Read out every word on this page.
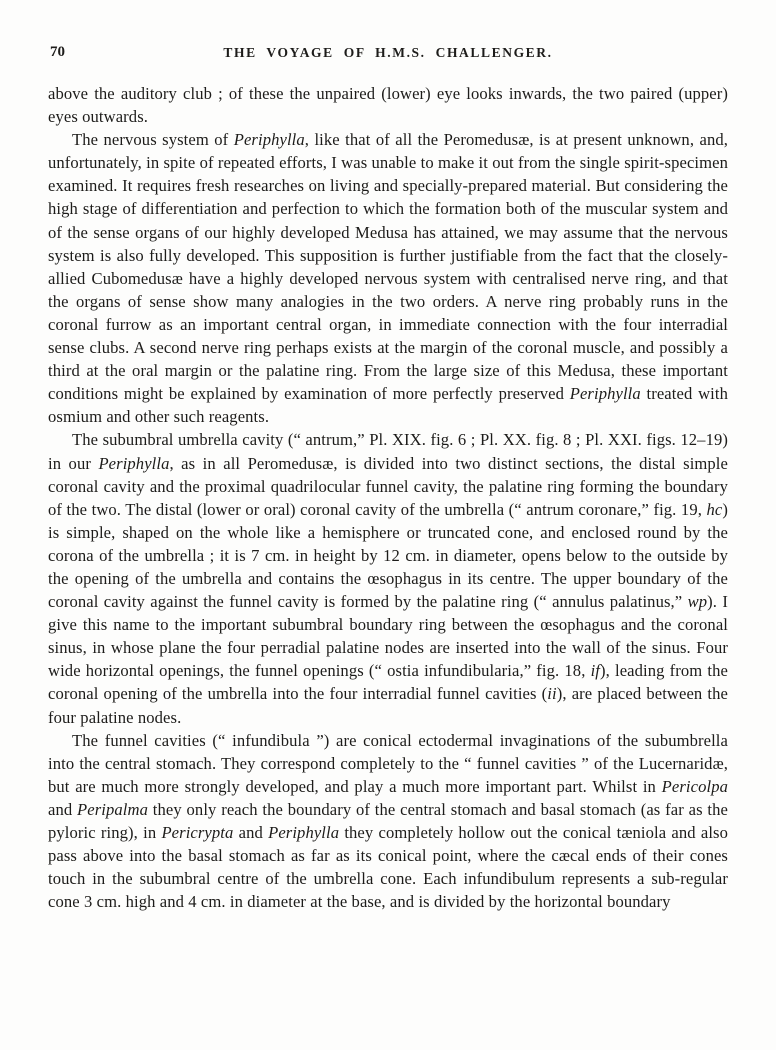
70	THE VOYAGE OF H.M.S. CHALLENGER.

above the auditory club ; of these the unpaired (lower) eye looks inwards, the two paired (upper) eyes outwards.

The nervous system of Periphylla, like that of all the Peromedusæ, is at present unknown, and, unfortunately, in spite of repeated efforts, I was unable to make it out from the single spirit-specimen examined. It requires fresh researches on living and specially-prepared material. But considering the high stage of differentiation and perfection to which the formation both of the muscular system and of the sense organs of our highly developed Medusa has attained, we may assume that the nervous system is also fully developed. This supposition is further justifiable from the fact that the closely-allied Cubomedusæ have a highly developed nervous system with centralised nerve ring, and that the organs of sense show many analogies in the two orders. A nerve ring probably runs in the coronal furrow as an important central organ, in immediate connection with the four interradial sense clubs. A second nerve ring perhaps exists at the margin of the coronal muscle, and possibly a third at the oral margin or the palatine ring. From the large size of this Medusa, these important conditions might be explained by examination of more perfectly preserved Periphylla treated with osmium and other such reagents.

The subumbral umbrella cavity (“ antrum,” Pl. XIX. fig. 6 ; Pl. XX. fig. 8 ; Pl. XXI. figs. 12–19) in our Periphylla, as in all Peromedusæ, is divided into two distinct sections, the distal simple coronal cavity and the proximal quadrilocular funnel cavity, the palatine ring forming the boundary of the two. The distal (lower or oral) coronal cavity of the umbrella (“ antrum coronare,” fig. 19, hc) is simple, shaped on the whole like a hemisphere or truncated cone, and enclosed round by the corona of the umbrella ; it is 7 cm. in height by 12 cm. in diameter, opens below to the outside by the opening of the umbrella and contains the œsophagus in its centre. The upper boundary of the coronal cavity against the funnel cavity is formed by the palatine ring (“ annulus palatinus,” wp). I give this name to the important subumbral boundary ring between the œsophagus and the coronal sinus, in whose plane the four perradial palatine nodes are inserted into the wall of the sinus. Four wide horizontal openings, the funnel openings (“ ostia infundibularia,” fig. 18, if), leading from the coronal opening of the umbrella into the four interradial funnel cavities (ii), are placed between the four palatine nodes.

The funnel cavities (“ infundibula ”) are conical ectodermal invaginations of the subumbrella into the central stomach. They correspond completely to the “ funnel cavities ” of the Lucernaridæ, but are much more strongly developed, and play a much more important part. Whilst in Pericolpa and Peripalma they only reach the boundary of the central stomach and basal stomach (as far as the pyloric ring), in Pericrypta and Periphylla they completely hollow out the conical tæniola and also pass above into the basal stomach as far as its conical point, where the cæcal ends of their cones touch in the subumbral centre of the umbrella cone. Each infundibulum represents a sub-regular cone 3 cm. high and 4 cm. in diameter at the base, and is divided by the horizontal boundary
